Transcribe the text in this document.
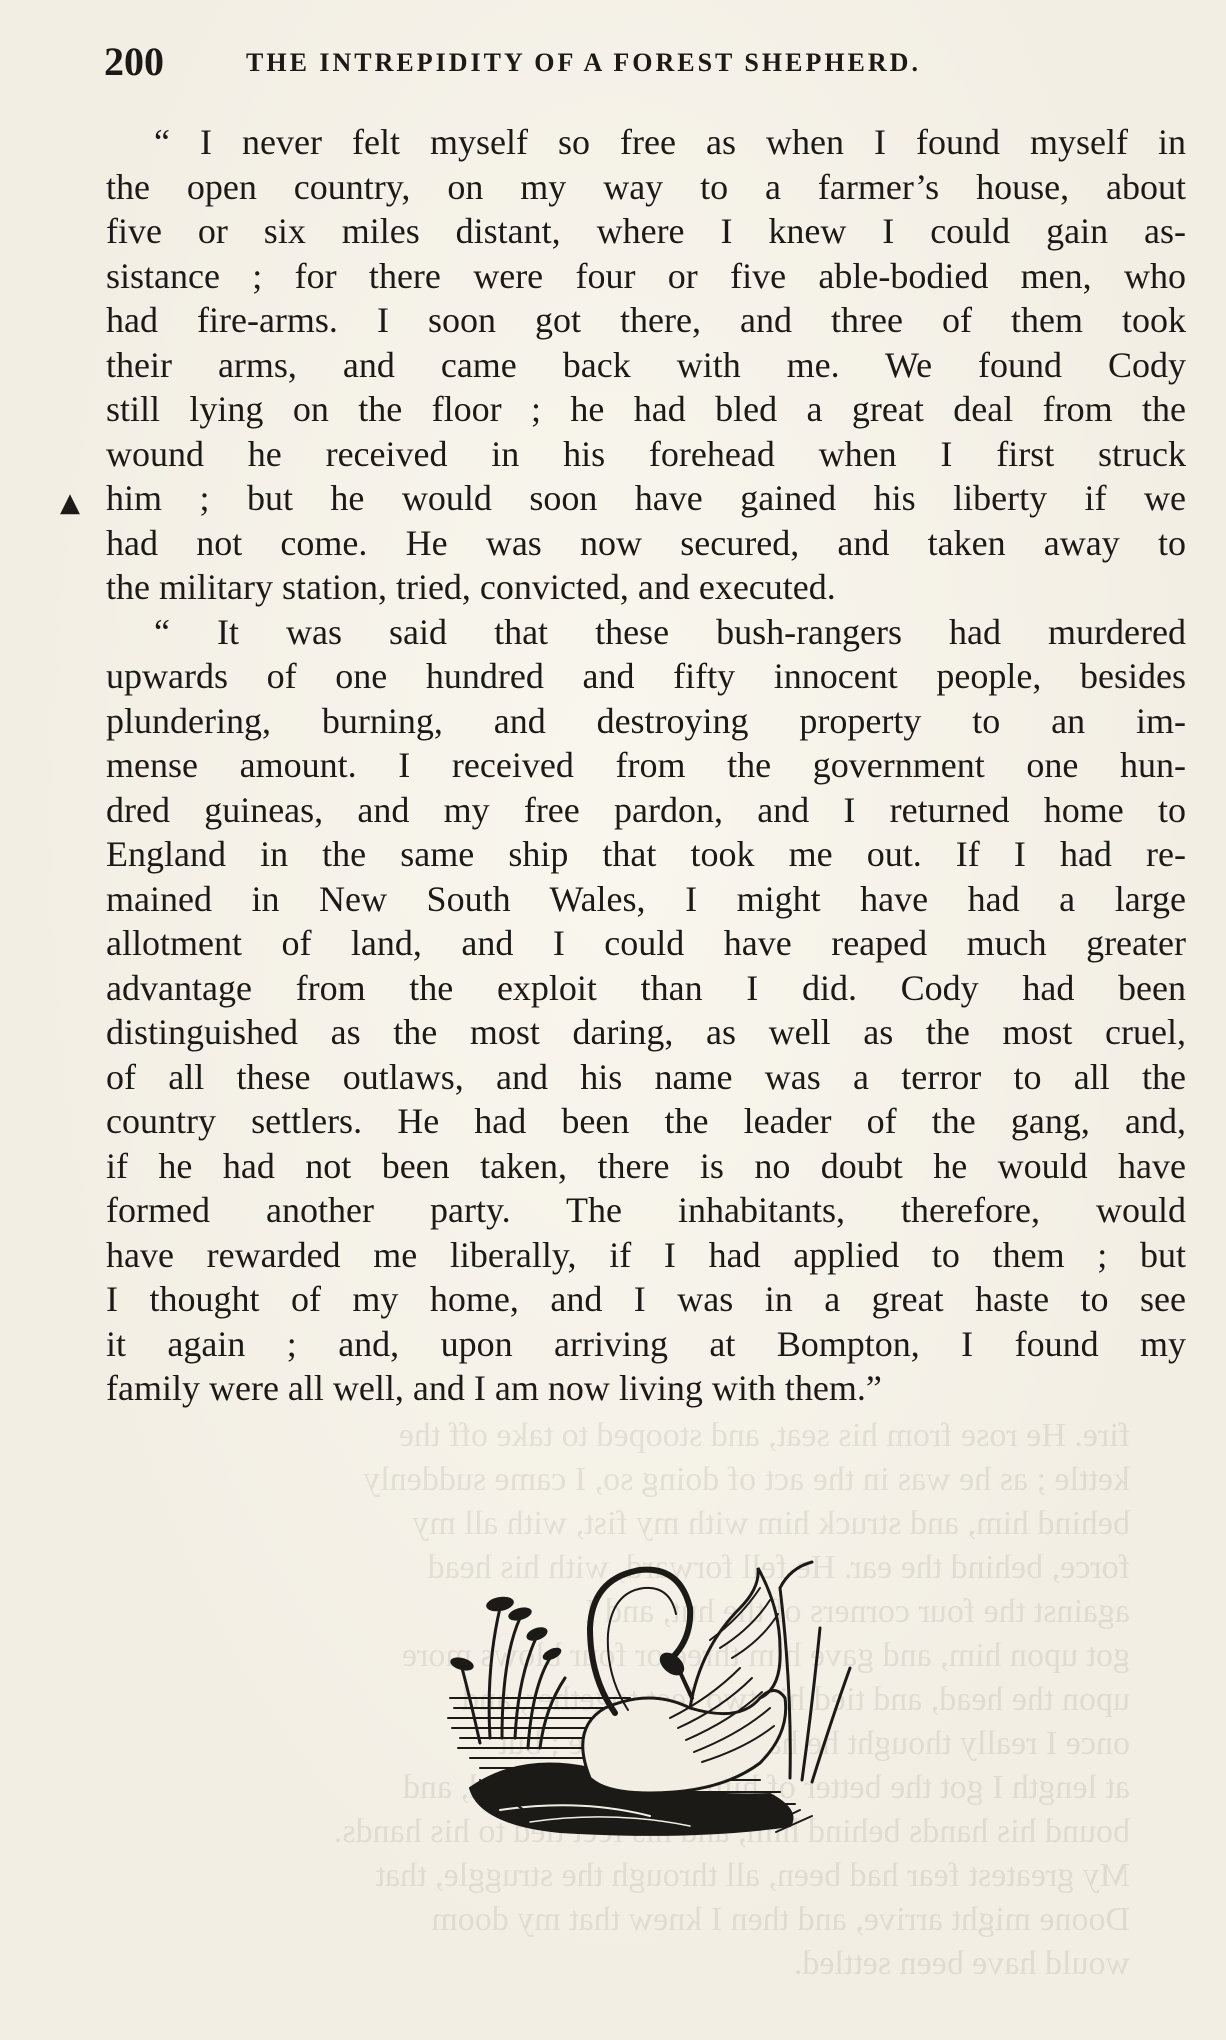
200	THE INTREPIDITY OF A FOREST SHEPHERD.
▲
fire. He rose from his seat, and stooped to take off the
kettle ; as he was in the act of doing so, I came suddenly
behind him, and struck him with my fist, with all my
force, behind the ear. He fell forward, with his head
against the four corners of the hut, and I
got upon him, and gave him three or four blows more
upon the head, and tied his two feet together, and
once I really thought he had mastered me ; but
at length I got the better of him, and cut my cord, and
bound his hands behind him, tied to his hands.
My greatest fear had been, all through the struggle, that
Doone might arrive, and then I knew that my doom
would have been settled.
“ I never felt myself so free as when I found myself in
the open country, on my way to a farmer’s house, about
five or six miles distant, where I knew I could gain as-
sistance ; for there were four or five able-bodied men, who
had fire-arms. I soon got there, and three of them took
their arms, and came back with me. We found Cody
still lying on the floor ; he had bled a great deal from the
wound he received in his forehead when I first struck
him ; but he would soon have gained his liberty if we
had not come. He was now secured, and taken away to
the military station, tried, convicted, and executed.
“ It was said that these bush-rangers had murdered
upwards of one hundred and fifty innocent people, besides
plundering, burning, and destroying property to an im-
mense amount. I received from the government one hun-
dred guineas, and my free pardon, and I returned home to
England in the same ship that took me out. If I had re-
mained in New South Wales, I might have had a large
allotment of land, and I could have reaped much greater
advantage from the exploit than I did. Cody had been
distinguished as the most daring, as well as the most cruel,
of all these outlaws, and his name was a terror to all the
country settlers. He had been the leader of the gang, and,
if he had not been taken, there is no doubt he would have
formed another party. The inhabitants, therefore, would
have rewarded me liberally, if I had applied to them ; but
I thought of my home, and I was in a great haste to see
it again ; and, upon arriving at Bompton, I found my
family were all well, and I am now living with them.”
